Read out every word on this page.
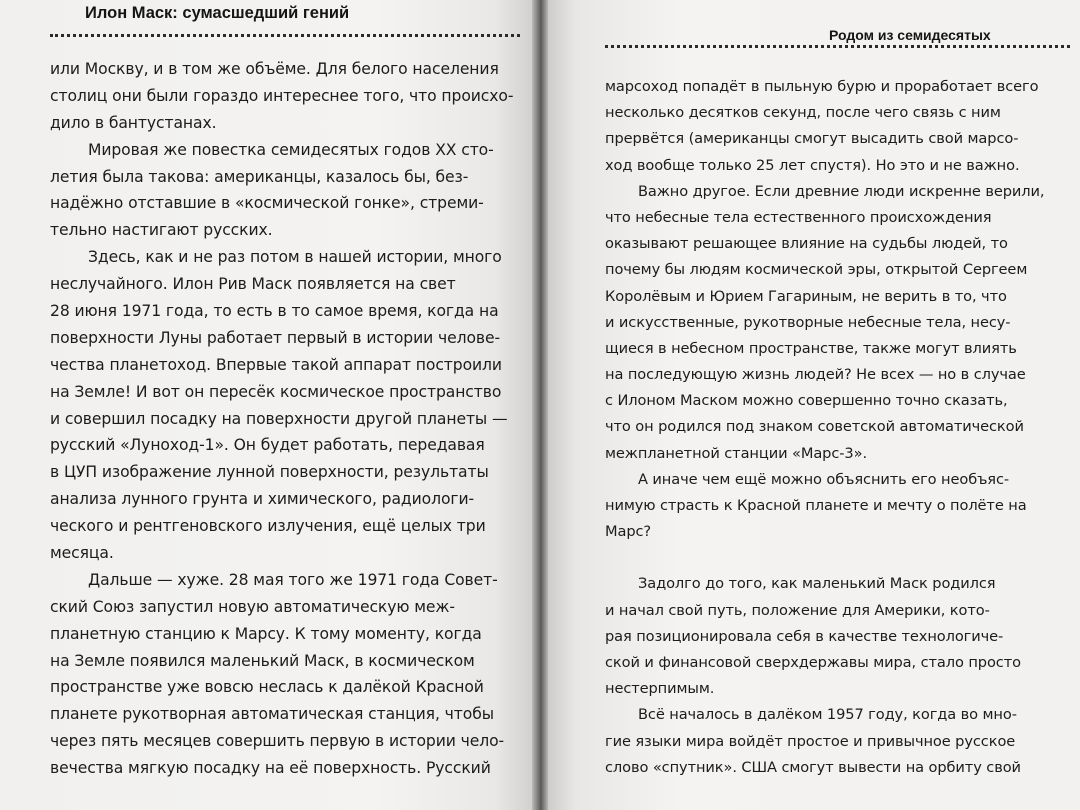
Илон Маск: сумасшедший гений
или Москву, и в том же объёме. Для белого населения
столиц они были гораздо интереснее того, что происхо-
дило в бантустанах.
Мировая же повестка семидесятых годов XX сто-
летия была такова: американцы, казалось бы, без-
надёжно отставшие в «космической гонке», стреми-
тельно настигают русских.
Здесь, как и не раз потом в нашей истории, много
неслучайного. Илон Рив Маск появляется на свет
28 июня 1971 года, то есть в то самое время, когда на
поверхности Луны работает первый в истории челове-
чества планетоход. Впервые такой аппарат построили
на Земле! И вот он пересёк космическое пространство
и совершил посадку на поверхности другой планеты —
русский «Луноход-1». Он будет работать, передавая
в ЦУП изображение лунной поверхности, результаты
анализа лунного грунта и химического, радиологи-
ческого и рентгеновского излучения, ещё целых три
месяца.
Дальше — хуже. 28 мая того же 1971 года Совет-
ский Союз запустил новую автоматическую меж-
планетную станцию к Марсу. К тому моменту, когда
на Земле появился маленький Маск, в космическом
пространстве уже вовсю неслась к далёкой Красной
планете рукотворная автоматическая станция, чтобы
через пять месяцев совершить первую в истории чело-
вечества мягкую посадку на её поверхность. Русский
Родом из семидесятых
марсоход попадёт в пыльную бурю и проработает всего
несколько десятков секунд, после чего связь с ним
прервётся (американцы смогут высадить свой марсо-
ход вообще только 25 лет спустя). Но это и не важно.
Важно другое. Если древние люди искренне верили,
что небесные тела естественного происхождения
оказывают решающее влияние на судьбы людей, то
почему бы людям космической эры, открытой Сергеем
Королёвым и Юрием Гагариным, не верить в то, что
и искусственные, рукотворные небесные тела, несу-
щиеся в небесном пространстве, также могут влиять
на последующую жизнь людей? Не всех — но в случае
с Илоном Маском можно совершенно точно сказать,
что он родился под знаком советской автоматической
межпланетной станции «Марс-3».
А иначе чем ещё можно объяснить его необъяс-
нимую страсть к Красной планете и мечту о полёте на
Марс?
Задолго до того, как маленький Маск родился
и начал свой путь, положение для Америки, кото-
рая позиционировала себя в качестве технологиче-
ской и финансовой сверхдержавы мира, стало просто
нестерпимым.
Всё началось в далёком 1957 году, когда во мно-
гие языки мира войдёт простое и привычное русское
слово «спутник». США смогут вывести на орбиту свой
